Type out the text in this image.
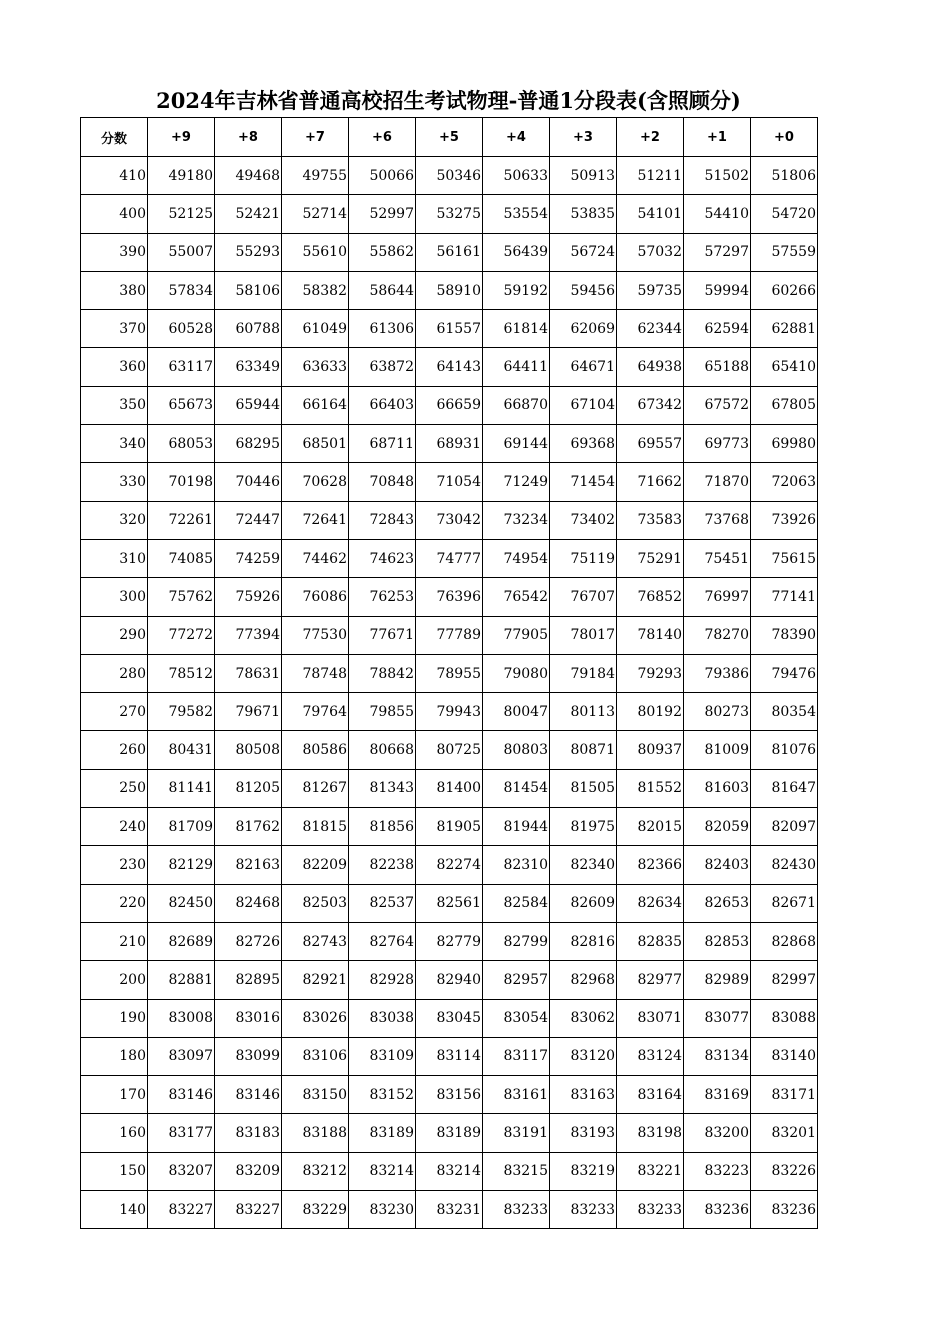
2024年吉林省普通高校招生考试物理-普通1分段表(含照顾分)
分数	+9	+8	+7	+6	+5	+4	+3	+2	+1	+0
410	49180	49468	49755	50066	50346	50633	50913	51211	51502	51806
400	52125	52421	52714	52997	53275	53554	53835	54101	54410	54720
390	55007	55293	55610	55862	56161	56439	56724	57032	57297	57559
380	57834	58106	58382	58644	58910	59192	59456	59735	59994	60266
370	60528	60788	61049	61306	61557	61814	62069	62344	62594	62881
360	63117	63349	63633	63872	64143	64411	64671	64938	65188	65410
350	65673	65944	66164	66403	66659	66870	67104	67342	67572	67805
340	68053	68295	68501	68711	68931	69144	69368	69557	69773	69980
330	70198	70446	70628	70848	71054	71249	71454	71662	71870	72063
320	72261	72447	72641	72843	73042	73234	73402	73583	73768	73926
310	74085	74259	74462	74623	74777	74954	75119	75291	75451	75615
300	75762	75926	76086	76253	76396	76542	76707	76852	76997	77141
290	77272	77394	77530	77671	77789	77905	78017	78140	78270	78390
280	78512	78631	78748	78842	78955	79080	79184	79293	79386	79476
270	79582	79671	79764	79855	79943	80047	80113	80192	80273	80354
260	80431	80508	80586	80668	80725	80803	80871	80937	81009	81076
250	81141	81205	81267	81343	81400	81454	81505	81552	81603	81647
240	81709	81762	81815	81856	81905	81944	81975	82015	82059	82097
230	82129	82163	82209	82238	82274	82310	82340	82366	82403	82430
220	82450	82468	82503	82537	82561	82584	82609	82634	82653	82671
210	82689	82726	82743	82764	82779	82799	82816	82835	82853	82868
200	82881	82895	82921	82928	82940	82957	82968	82977	82989	82997
190	83008	83016	83026	83038	83045	83054	83062	83071	83077	83088
180	83097	83099	83106	83109	83114	83117	83120	83124	83134	83140
170	83146	83146	83150	83152	83156	83161	83163	83164	83169	83171
160	83177	83183	83188	83189	83189	83191	83193	83198	83200	83201
150	83207	83209	83212	83214	83214	83215	83219	83221	83223	83226
140	83227	83227	83229	83230	83231	83233	83233	83233	83236	83236
